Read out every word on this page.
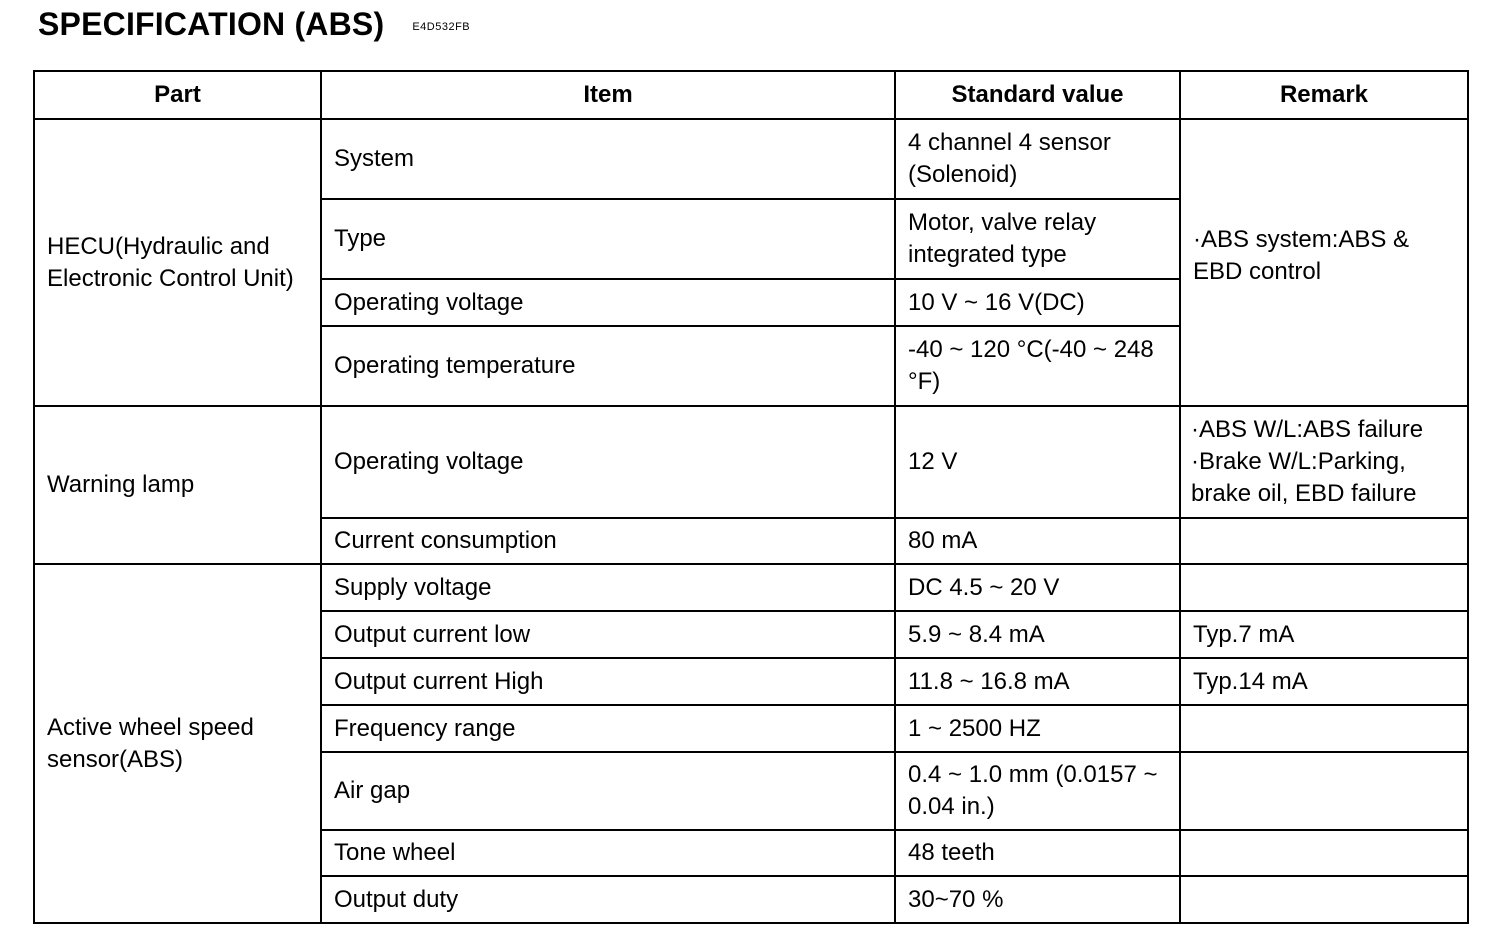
SPECIFICATION (ABS)	E4D532FB
Part	Item	Standard value	Remark
HECU(Hydraulic and Electronic Control Unit)	System	4 channel 4 sensor (Solenoid)	·ABS system:ABS & EBD control
	Type	Motor, valve relay integrated type	
	Operating voltage	10 V ~ 16 V(DC)	
	Operating temperature	-40 ~ 120 °C(-40 ~ 248 °F)	
Warning lamp	Operating voltage	12 V	·ABS W/L:ABS failure
·Brake W/L:Parking, brake oil, EBD failure

	Current consumption	80 mA	
Active wheel speed sensor(ABS)	Supply voltage	DC 4.5 ~ 20 V	
	Output current low	5.9 ~ 8.4 mA	Typ.7 mA
	Output current High	11.8 ~ 16.8 mA	Typ.14 mA
	Frequency range	1 ~ 2500 HZ	
	Air gap	0.4 ~ 1.0 mm (0.0157 ~ 0.04 in.)	
	Tone wheel	48 teeth	
	Output duty	30~70 %	
